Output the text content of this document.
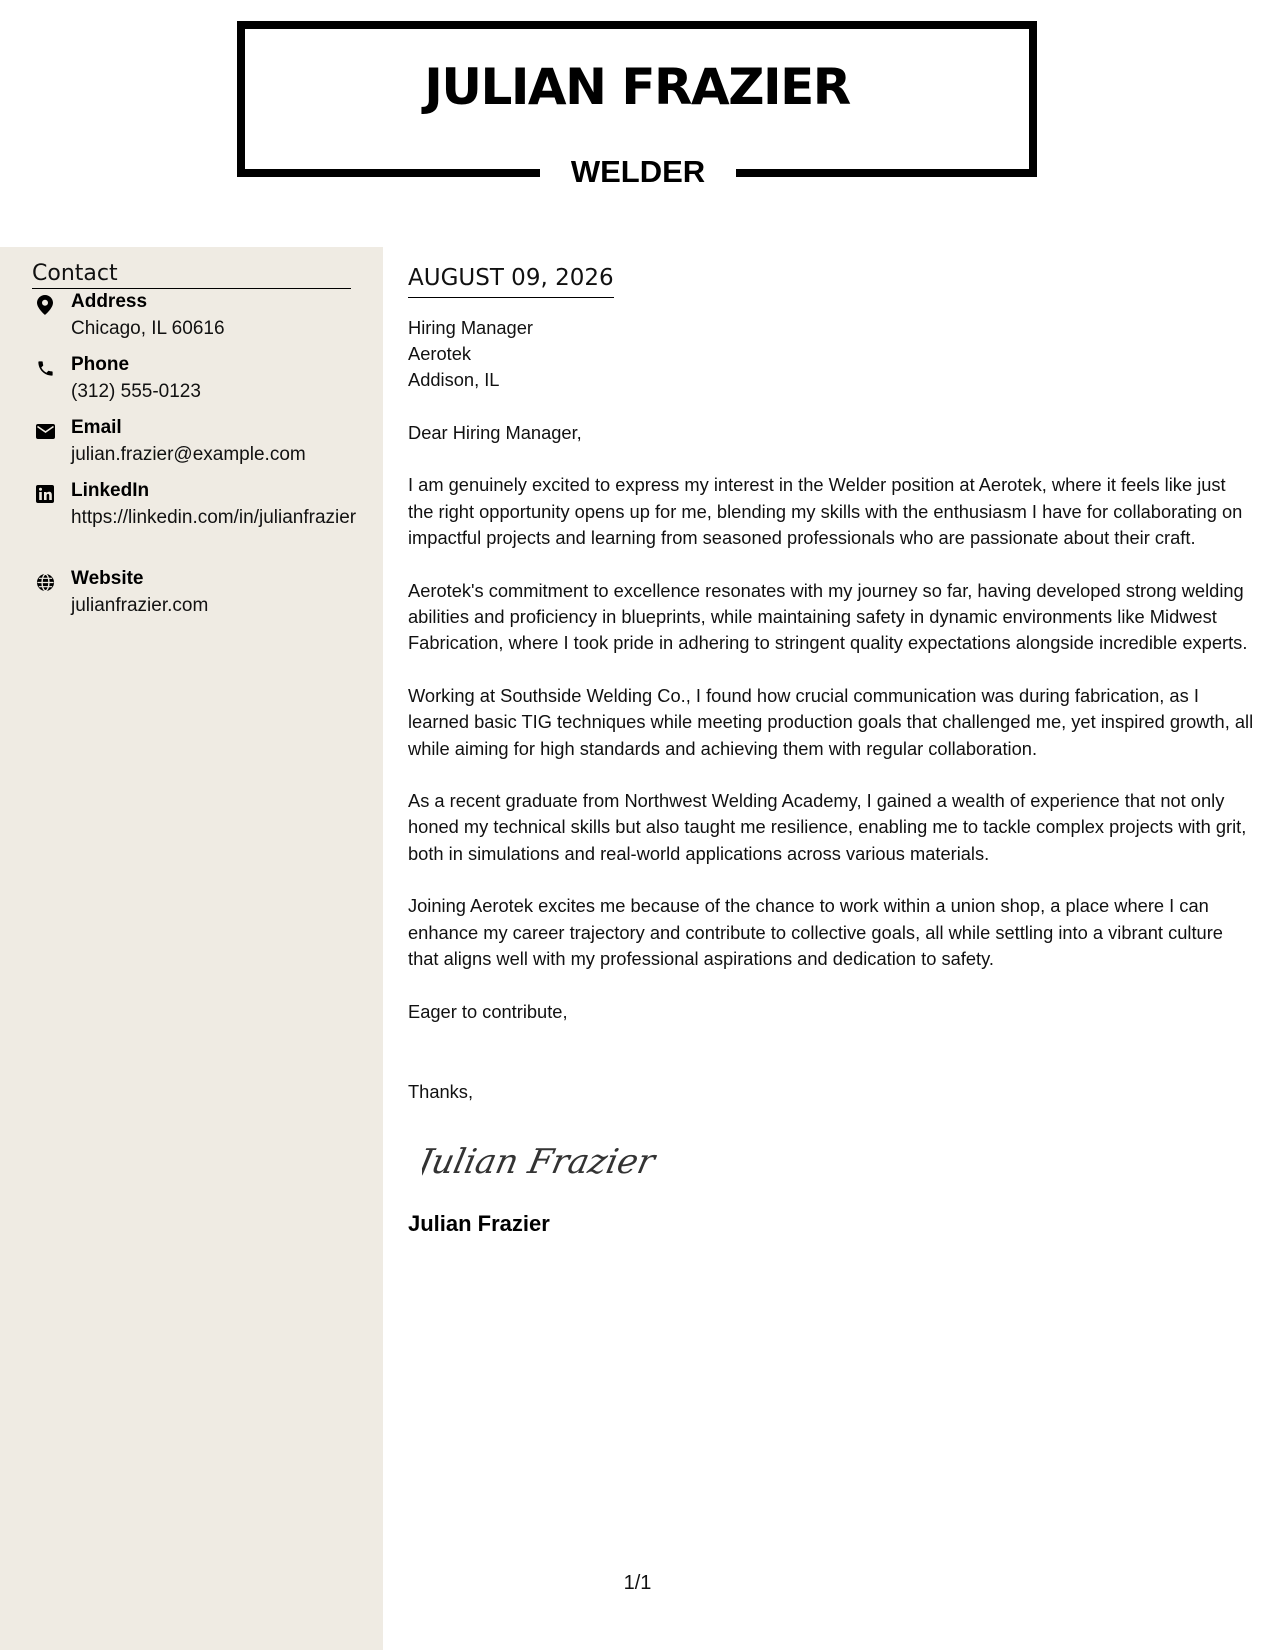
JULIAN FRAZIER
WELDER
Contact
Address
Chicago, IL 60616
Phone
(312) 555-0123
Email
julian.frazier@example.com
LinkedIn
https://linkedin.com/in/julianfrazier
Website
julianfrazier.com
AUGUST 09, 2026
Hiring Manager
Aerotek
Addison, IL
Dear Hiring Manager,
I am genuinely excited to express my interest in the Welder position at Aerotek, where it feels like just the right opportunity opens up for me, blending my skills with the enthusiasm I have for collaborating on impactful projects and learning from seasoned professionals who are passionate about their craft.
Aerotek's commitment to excellence resonates with my journey so far, having developed strong welding abilities and proficiency in blueprints, while maintaining safety in dynamic environments like Midwest Fabrication, where I took pride in adhering to stringent quality expectations alongside incredible experts.
Working at Southside Welding Co., I found how crucial communication was during fabrication, as I learned basic TIG techniques while meeting production goals that challenged me, yet inspired growth, all while aiming for high standards and achieving them with regular collaboration.
As a recent graduate from Northwest Welding Academy, I gained a wealth of experience that not only honed my technical skills but also taught me resilience, enabling me to tackle complex projects with grit, both in simulations and real-world applications across various materials.
Joining Aerotek excites me because of the chance to work within a union shop, a place where I can enhance my career trajectory and contribute to collective goals, all while settling into a vibrant culture that aligns well with my professional aspirations and dedication to safety.
Eager to contribute,
Thanks,
Julian Frazier
Julian Frazier
1/1
